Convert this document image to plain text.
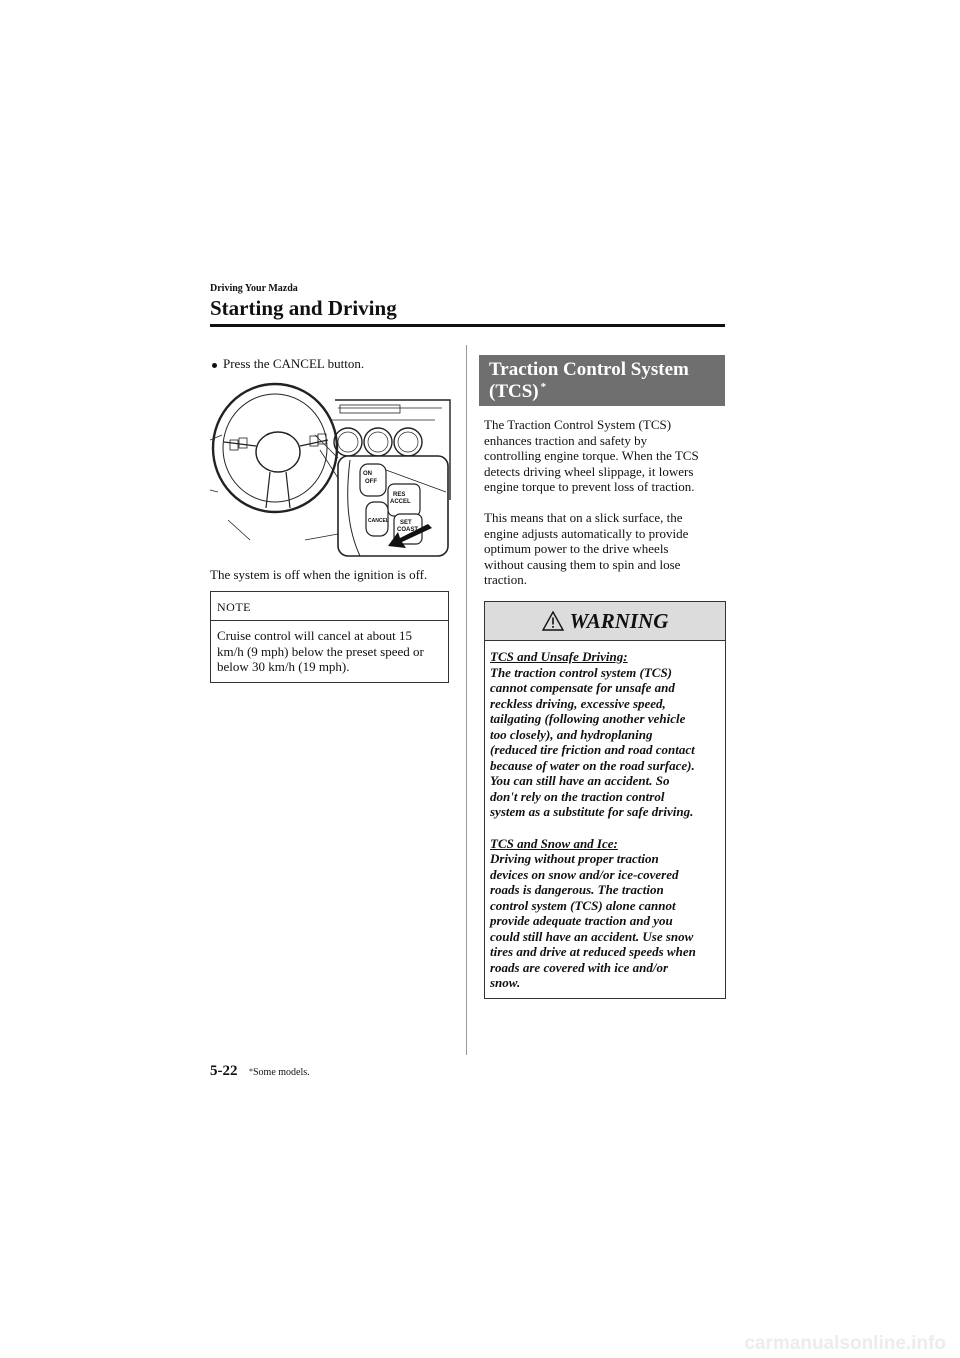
Driving Your Mazda
Starting and Driving
Press the CANCEL button.
ON
OFF
RES
ACCEL
CANCEL SET
COAST
The system is off when the ignition is off.
NOTE
Cruise control will cancel at about 15
km/h (9 mph) below the preset speed or
below 30 km/h (19 mph).
Traction Control System
(TCS) *
The Traction Control System (TCS)
enhances traction and safety by
controlling engine torque. When the TCS
detects driving wheel slippage, it lowers
engine torque to prevent loss of traction.
This means that on a slick surface, the
engine adjusts automatically to provide
optimum power to the drive wheels
without causing them to spin and lose
traction.
WARNING
TCS and Unsafe Driving:
The traction control system (TCS)
cannot compensate for unsafe and
reckless driving, excessive speed,
tailgating (following another vehicle
too closely), and hydroplaning
(reduced tire friction and road contact
because of water on the road surface).
You can still have an accident. So
don't rely on the traction control
system as a substitute for safe driving.
TCS and Snow and Ice:
Driving without proper traction
devices on snow and/or ice-covered
roads is dangerous. The traction
control system (TCS) alone cannot
provide adequate traction and you
could still have an accident. Use snow
tires and drive at reduced speeds when
roads are covered with ice and/or
snow.
5-22 *Some models.
carmanualsonline.info
